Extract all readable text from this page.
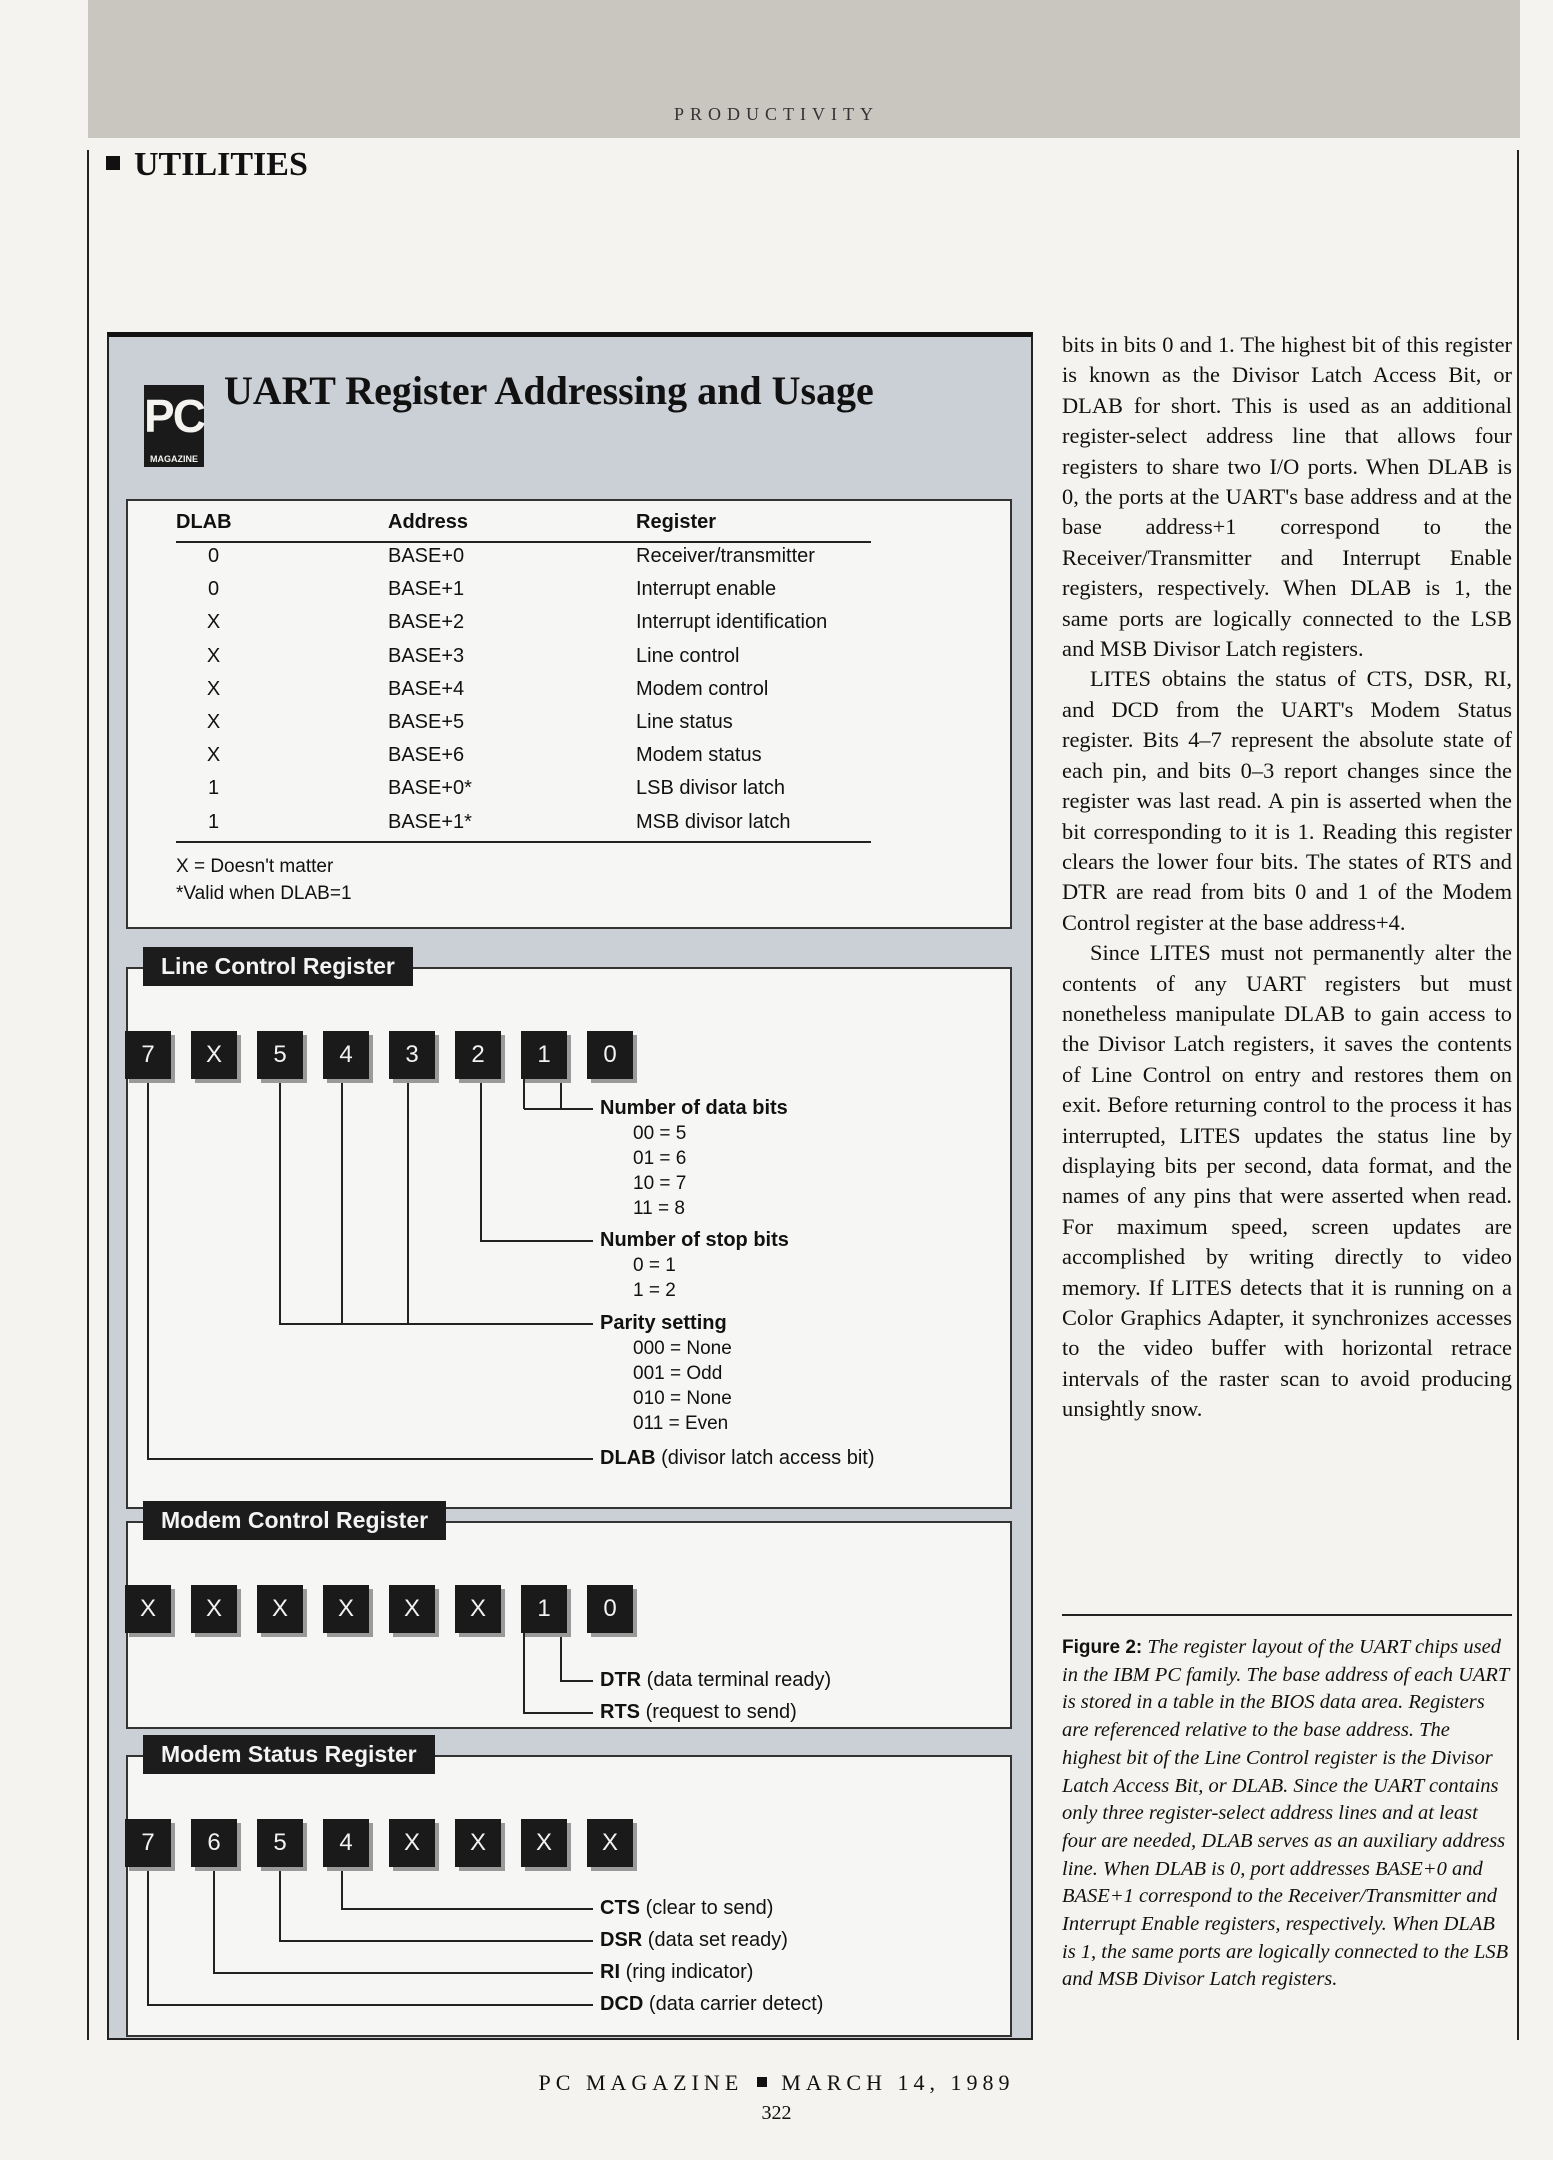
PRODUCTIVITY
UTILITIES
PC
MAGAZINE
UART Register Addressing and Usage
DLAB	Address	Register
0	BASE+0	Receiver/transmitter
0	BASE+1	Interrupt enable
X	BASE+2	Interrupt identification
X	BASE+3	Line control
X	BASE+4	Modem control
X	BASE+5	Line status
X	BASE+6	Modem status
1	BASE+0*	LSB divisor latch
1	BASE+1*	MSB divisor latch
X = Doesn't matter
*Valid when DLAB=1
Line Control Register
7	X	5	4	3	2	1	0
Number of data bits
00 = 5
01 = 6
10 = 7
11 = 8
Number of stop bits
0 = 1
1 = 2
Parity setting
000 = None
001 = Odd
010 = None
011 = Even
DLAB (divisor latch access bit)
Modem Control Register
X	X	X	X	X	X	1	0
DTR (data terminal ready)
RTS (request to send)
Modem Status Register
7	6	5	4	X	X	X	X
CTS (clear to send)
DSR (data set ready)
RI (ring indicator)
DCD (data carrier detect)

bits in bits 0 and 1. The highest bit of this register is known as the Divisor Latch Access Bit, or DLAB for short. This is used as an additional register-select address line that allows four registers to share two I/O ports. When DLAB is 0, the ports at the UART's base address and at the base address+1 correspond to the Receiver/Transmitter and Interrupt Enable registers, respectively. When DLAB is 1, the same ports are logically connected to the LSB and MSB Divisor Latch registers.

LITES obtains the status of CTS, DSR, RI, and DCD from the UART's Modem Status register. Bits 4–7 represent the absolute state of each pin, and bits 0–3 report changes since the register was last read. A pin is asserted when the bit corresponding to it is 1. Reading this register clears the lower four bits. The states of RTS and DTR are read from bits 0 and 1 of the Modem Control register at the base address+4.

Since LITES must not permanently alter the contents of any UART registers but must nonetheless manipulate DLAB to gain access to the Divisor Latch registers, it saves the contents of Line Control on entry and restores them on exit. Before returning control to the process it has interrupted, LITES updates the status line by displaying bits per second, data format, and the names of any pins that were asserted when read. For maximum speed, screen updates are accomplished by writing directly to video memory. If LITES detects that it is running on a Color Graphics Adapter, it synchronizes accesses to the video buffer with horizontal retrace intervals of the raster scan to avoid producing unsightly snow.

Figure 2: The register layout of the UART chips used in the IBM PC family. The base address of each UART is stored in a table in the BIOS data area. Registers are referenced relative to the base address. The highest bit of the Line Control register is the Divisor Latch Access Bit, or DLAB. Since the UART contains only three register-select address lines and at least four are needed, DLAB serves as an auxiliary address line. When DLAB is 0, port addresses BASE+0 and BASE+1 correspond to the Receiver/Transmitter and Interrupt Enable registers, respectively. When DLAB is 1, the same ports are logically connected to the LSB and MSB Divisor Latch registers.
PC MAGAZINE MARCH 14, 1989
322
